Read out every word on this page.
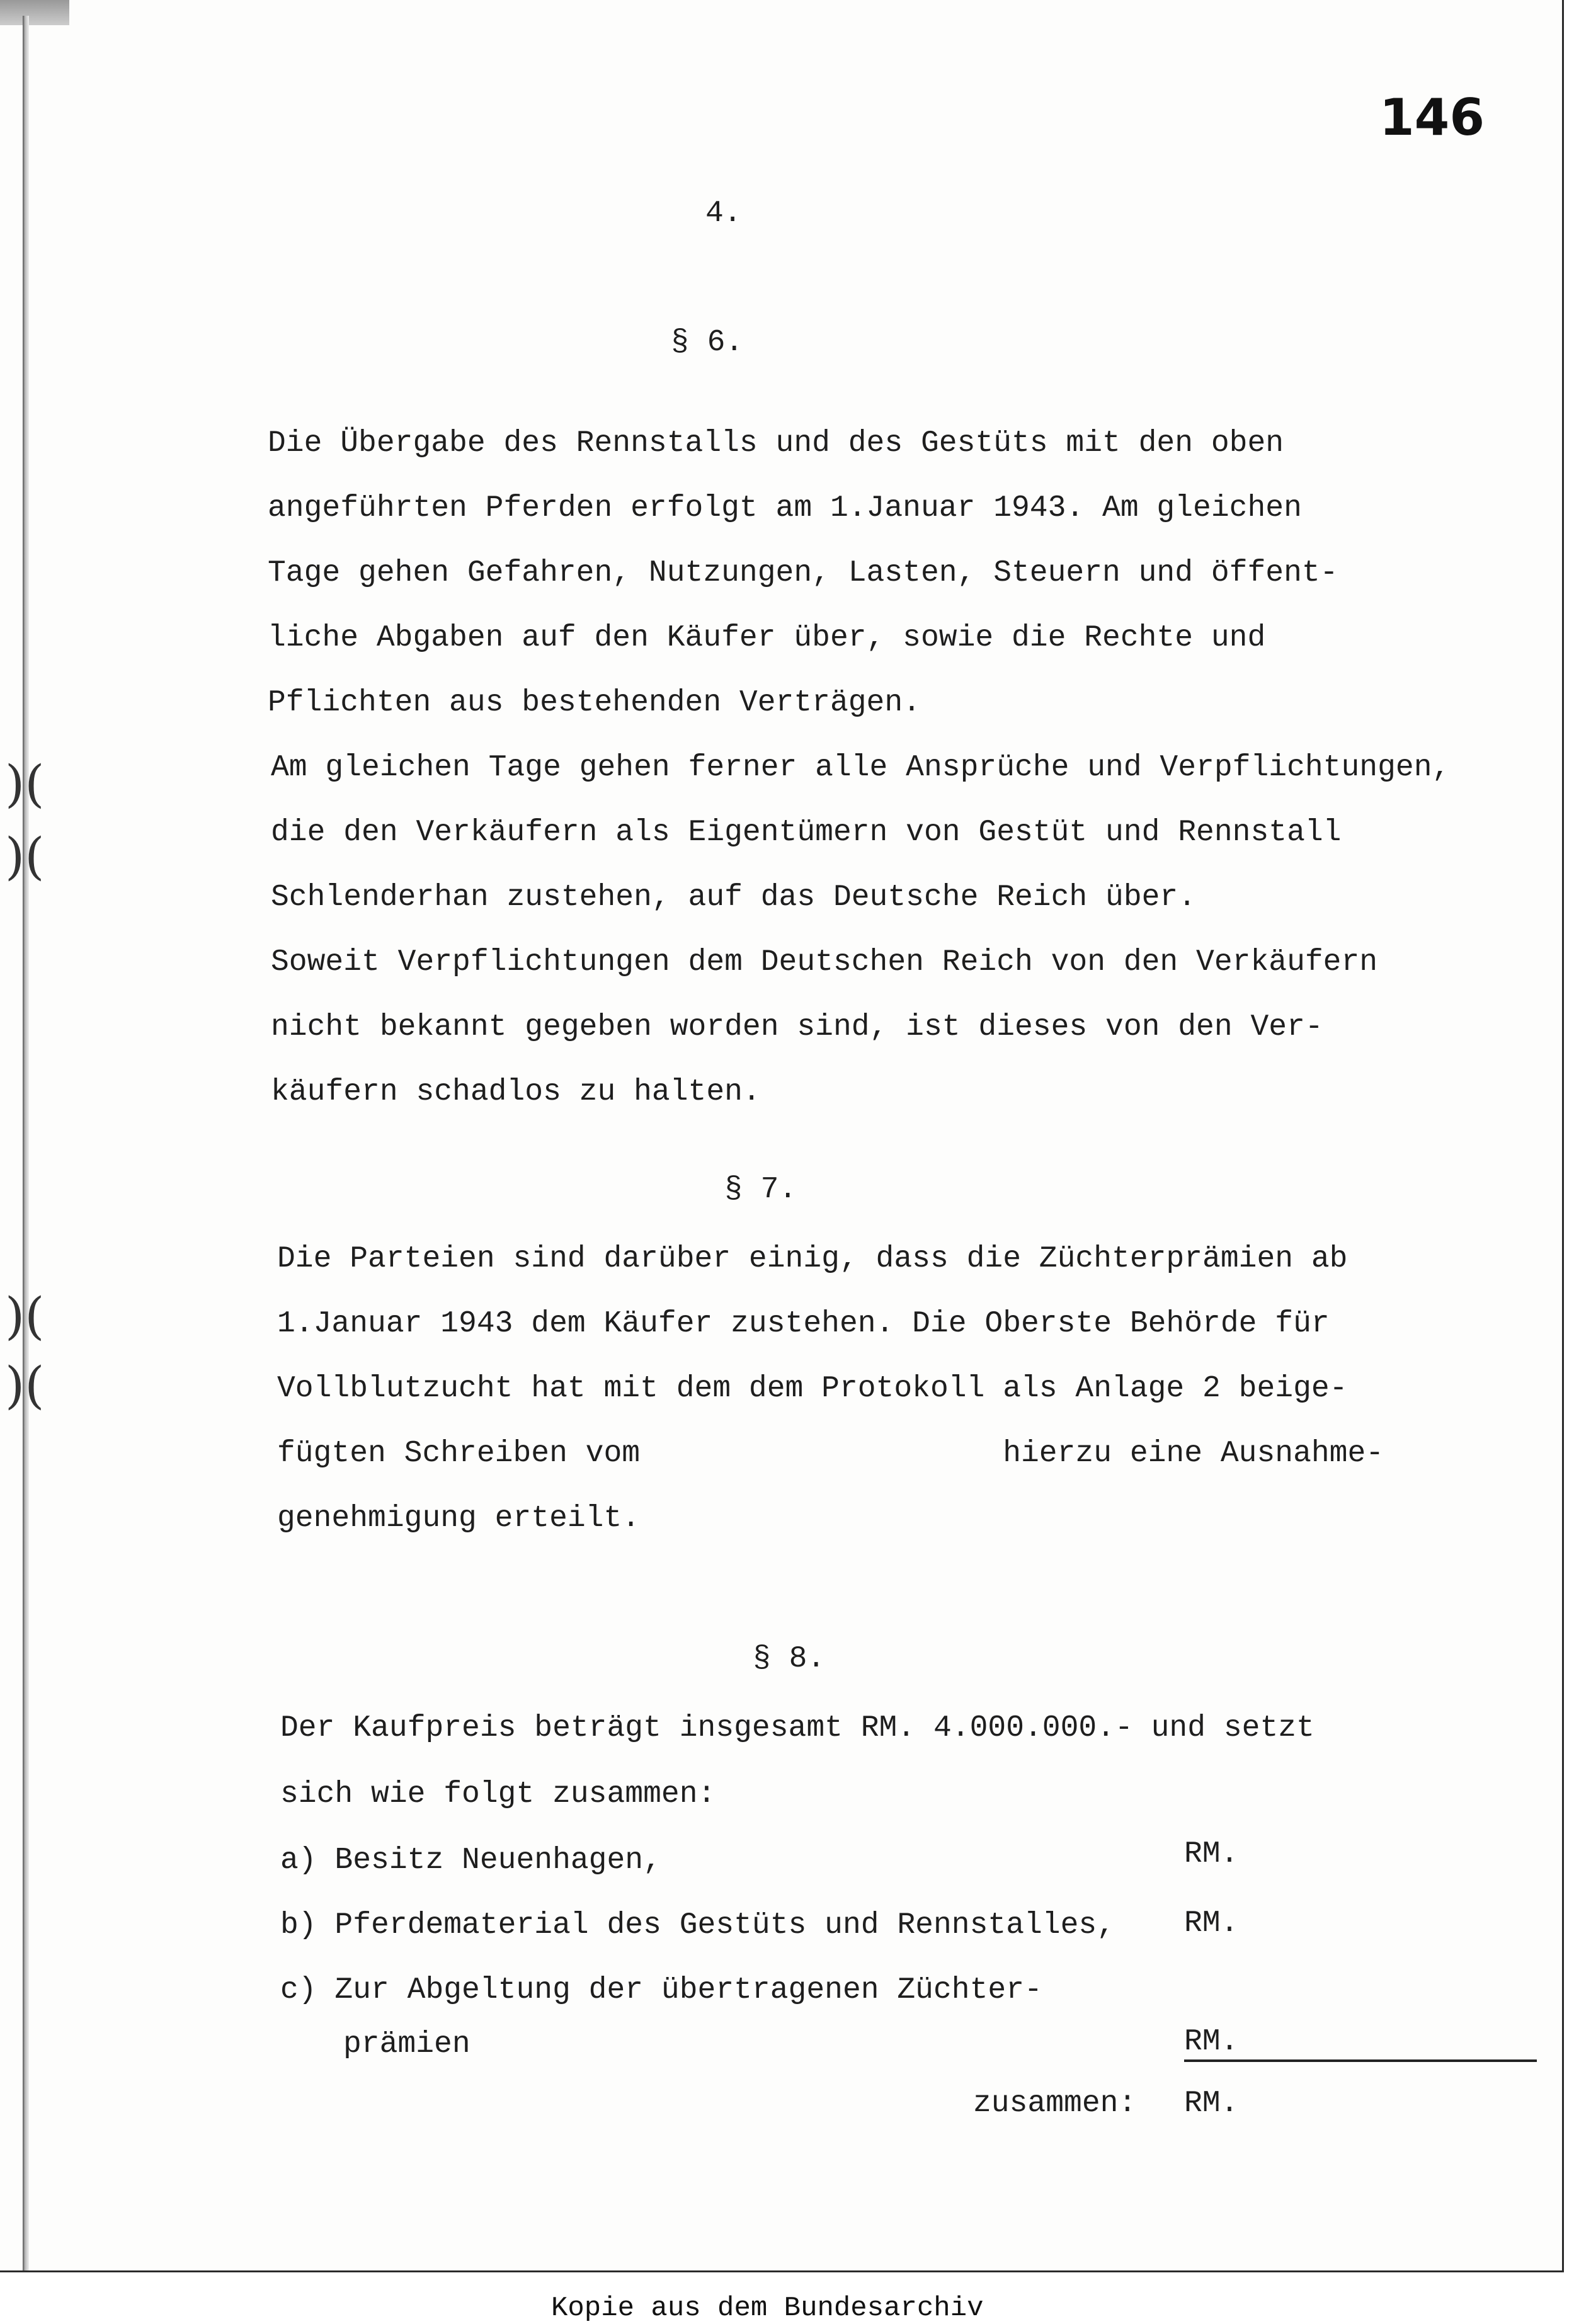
)(
)(
)(
)(
146
4.
§ 6.
Die Übergabe des Rennstalls und des Gestüts mit den oben
angeführten Pferden erfolgt am 1.Januar 1943. Am gleichen
Tage gehen Gefahren, Nutzungen, Lasten, Steuern und öffent-
liche Abgaben auf den Käufer über, sowie die Rechte und
Pflichten aus bestehenden Verträgen.
Am gleichen Tage gehen ferner alle Ansprüche und Verpflichtungen,
die den Verkäufern als Eigentümern von Gestüt und Rennstall
Schlenderhan zustehen, auf das Deutsche Reich über.
Soweit Verpflichtungen dem Deutschen Reich von den Verkäufern
nicht bekannt gegeben worden sind, ist dieses von den Ver-
käufern schadlos zu halten.
§ 7.
Die Parteien sind darüber einig, dass die Züchterprämien ab
1.Januar 1943 dem Käufer zustehen. Die Oberste Behörde für
Vollblutzucht hat mit dem dem Protokoll als Anlage 2 beige-
fügten Schreiben vom                    hierzu eine Ausnahme-
genehmigung erteilt.
§ 8.
Der Kaufpreis beträgt insgesamt RM. 4.000.000.- und setzt
sich wie folgt zusammen:
a) Besitz Neuenhagen,	RM.
b) Pferdematerial des Gestüts und Rennstalles, RM.
c) Zur Abgeltung der übertragenen Züchter-
prämien	RM.
zusammen: RM.
Kopie aus dem Bundesarchiv
